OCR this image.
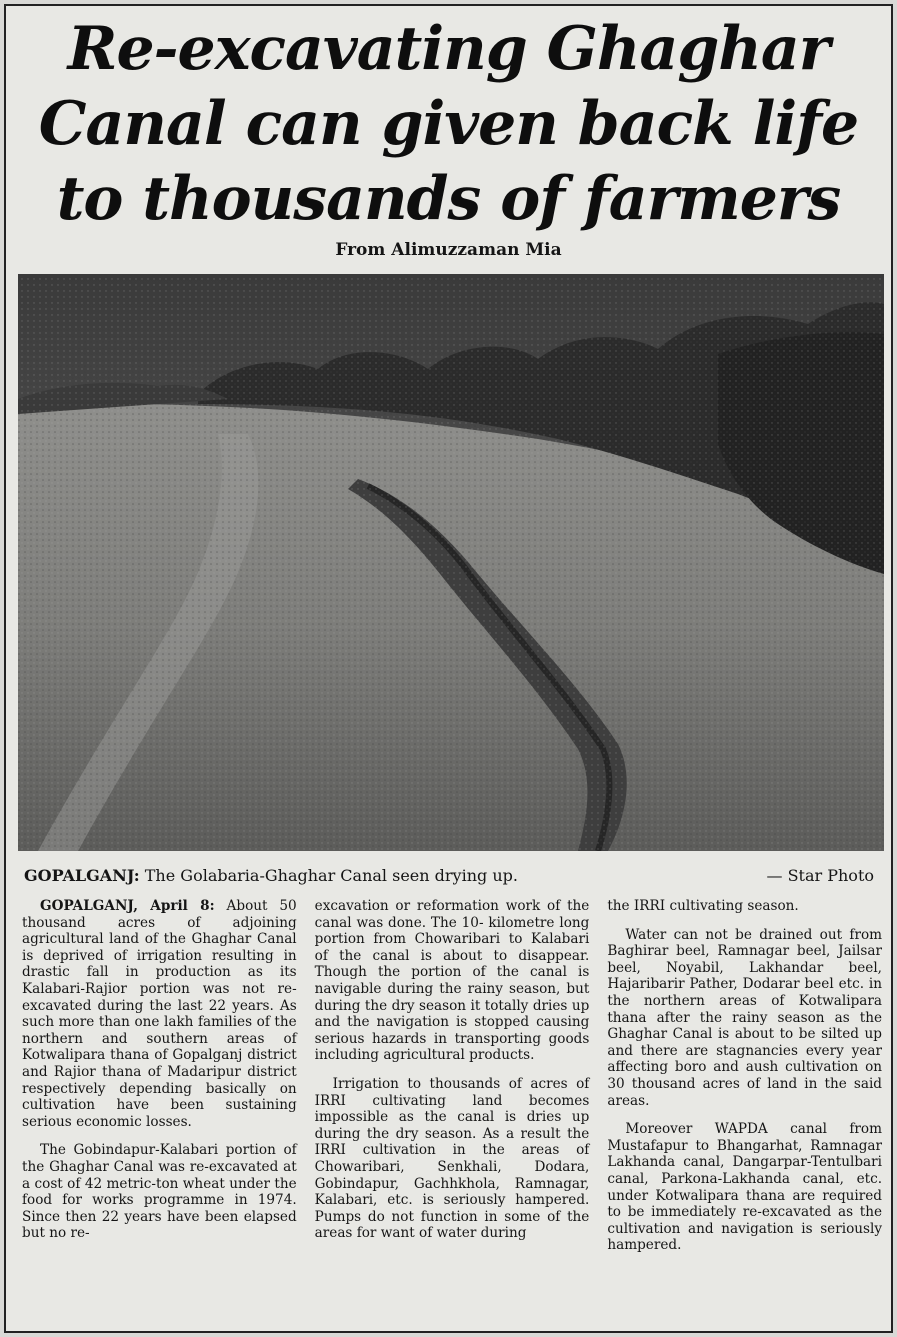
Re-excavating Ghaghar
Canal can given back life
to thousands of farmers
From Alimuzzaman Mia
GOPALGANJ: The Golabaria-Ghaghar Canal seen drying up.	— Star Photo

GOPALGANJ, April 8: About 50 thousand acres of adjoining agricultural land of the Ghaghar Canal is deprived of irrigation resulting in drastic fall in production as its Kalabari-Rajior portion was not re-excavated during the last 22 years. As such more than one lakh families of the northern and southern areas of Kotwalipara thana of Gopalganj district and Rajior thana of Madaripur district respectively depending basically on cultivation have been sustaining serious economic losses.

The Gobindapur-Kalabari portion of the Ghaghar Canal was re-excavated at a cost of 42 metric-ton wheat under the food for works programme in 1974. Since then 22 years have been elapsed but no re-

excavation or reformation work of the canal was done. The 10- kilometre long portion from Chowaribari to Kalabari of the canal is about to disappear. Though the portion of the canal is navigable during the rainy season, but during the dry season it totally dries up and the navigation is stopped causing serious hazards in transporting goods including agricultural products.

Irrigation to thousands of acres of IRRI cultivating land becomes impossible as the canal is dries up during the dry season. As a result the IRRI cultivation in the areas of Chowaribari, Senkhali, Dodara, Gobindapur, Gachhkhola, Ramnagar, Kalabari, etc. is seriously hampered. Pumps do not function in some of the areas for want of water during

the IRRI cultivating season.

Water can not be drained out from Baghirar beel, Ramnagar beel, Jailsar beel, Noyabil, Lakhandar beel, Hajaribarir Pather, Dodarar beel etc. in the northern areas of Kotwalipara thana after the rainy season as the Ghaghar Canal is about to be silted up and there are stagnancies every year affecting boro and aush cultivation on 30 thousand acres of land in the said areas.

Moreover WAPDA canal from Mustafapur to Bhangarhat, Ramnagar Lakhanda canal, Dangarpar-Tentulbari canal, Parkona-Lakhanda canal, etc. under Kotwalipara thana are required to be immediately re-excavated as the cultivation and navigation is seriously hampered.
